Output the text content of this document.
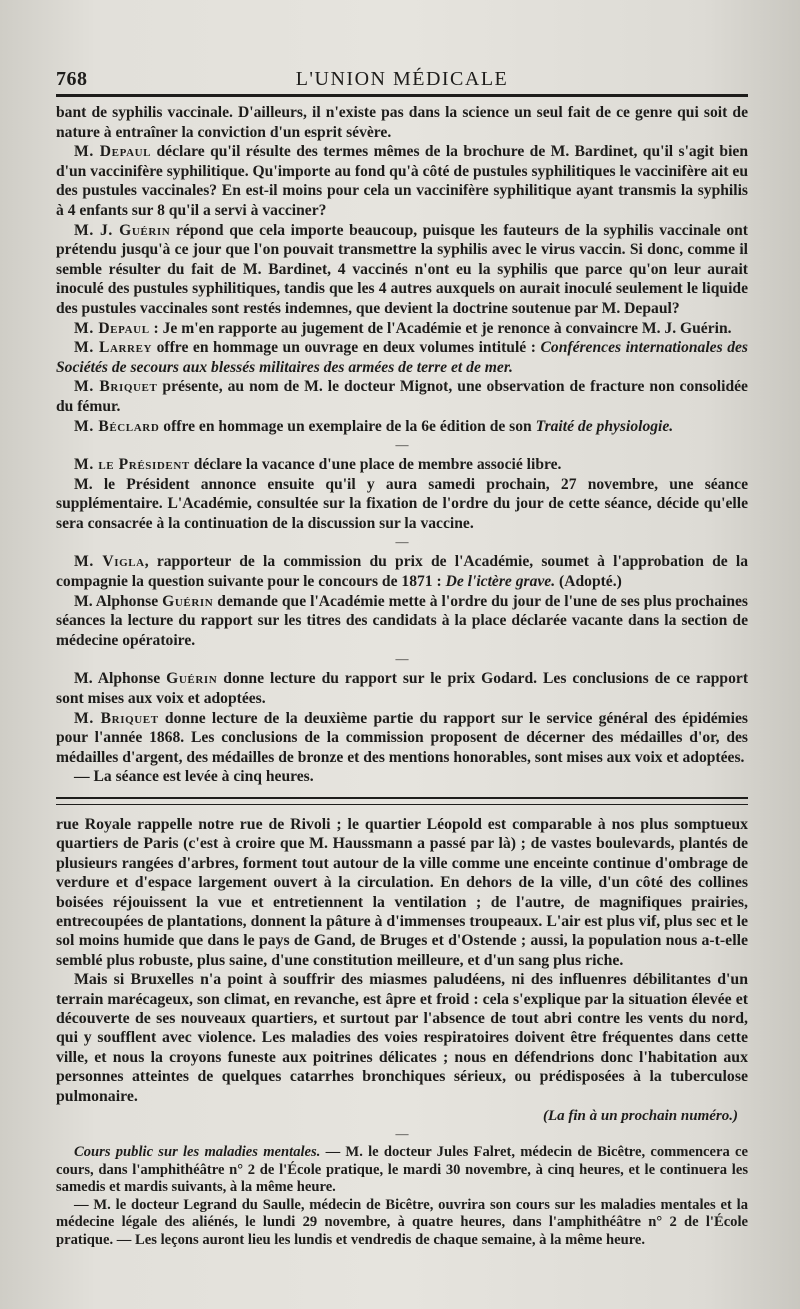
768	L'UNION MÉDICALE

bant de syphilis vaccinale. D'ailleurs, il n'existe pas dans la science un seul fait de ce genre qui soit de nature à entraîner la conviction d'un esprit sévère.

M. Depaul déclare qu'il résulte des termes mêmes de la brochure de M. Bardinet, qu'il s'agit bien d'un vaccinifère syphilitique. Qu'importe au fond qu'à côté de pustules syphilitiques le vaccinifère ait eu des pustules vaccinales? En est-il moins pour cela un vaccinifère syphilitique ayant transmis la syphilis à 4 enfants sur 8 qu'il a servi à vacciner?

M. J. Guérin répond que cela importe beaucoup, puisque les fauteurs de la syphilis vaccinale ont prétendu jusqu'à ce jour que l'on pouvait transmettre la syphilis avec le virus vaccin. Si donc, comme il semble résulter du fait de M. Bardinet, 4 vaccinés n'ont eu la syphilis que parce qu'on leur aurait inoculé des pustules syphilitiques, tandis que les 4 autres auxquels on aurait inoculé seulement le liquide des pustules vaccinales sont restés indemnes, que devient la doctrine soutenue par M. Depaul?

M. Depaul : Je m'en rapporte au jugement de l'Académie et je renonce à convaincre M. J. Guérin.

M. Larrey offre en hommage un ouvrage en deux volumes intitulé : Conférences internationales des Sociétés de secours aux blessés militaires des armées de terre et de mer.

M. Briquet présente, au nom de M. le docteur Mignot, une observation de fracture non consolidée du fémur.

M. Béclard offre en hommage un exemplaire de la 6e édition de son Traité de physiologie.

—

M. le Président déclare la vacance d'une place de membre associé libre.

M. le Président annonce ensuite qu'il y aura samedi prochain, 27 novembre, une séance supplémentaire. L'Académie, consultée sur la fixation de l'ordre du jour de cette séance, décide qu'elle sera consacrée à la continuation de la discussion sur la vaccine.

—

M. Vigla, rapporteur de la commission du prix de l'Académie, soumet à l'approbation de la compagnie la question suivante pour le concours de 1871 : De l'ictère grave. (Adopté.)

M. Alphonse Guérin demande que l'Académie mette à l'ordre du jour de l'une de ses plus prochaines séances la lecture du rapport sur les titres des candidats à la place déclarée vacante dans la section de médecine opératoire.

—

M. Alphonse Guérin donne lecture du rapport sur le prix Godard. Les conclusions de ce rapport sont mises aux voix et adoptées.

M. Briquet donne lecture de la deuxième partie du rapport sur le service général des épidémies pour l'année 1868. Les conclusions de la commission proposent de décerner des médailles d'or, des médailles d'argent, des médailles de bronze et des mentions honorables, sont mises aux voix et adoptées.

— La séance est levée à cinq heures.

rue Royale rappelle notre rue de Rivoli ; le quartier Léopold est comparable à nos plus somptueux quartiers de Paris (c'est à croire que M. Haussmann a passé par là) ; de vastes boulevards, plantés de plusieurs rangées d'arbres, forment tout autour de la ville comme une enceinte continue d'ombrage de verdure et d'espace largement ouvert à la circulation. En dehors de la ville, d'un côté des collines boisées réjouissent la vue et entretiennent la ventilation ; de l'autre, de magnifiques prairies, entrecoupées de plantations, donnent la pâture à d'immenses troupeaux. L'air est plus vif, plus sec et le sol moins humide que dans le pays de Gand, de Bruges et d'Ostende ; aussi, la population nous a-t-elle semblé plus robuste, plus saine, d'une constitution meilleure, et d'un sang plus riche.

Mais si Bruxelles n'a point à souffrir des miasmes paludéens, ni des influenres débilitantes d'un terrain marécageux, son climat, en revanche, est âpre et froid : cela s'explique par la situation élevée et découverte de ses nouveaux quartiers, et surtout par l'absence de tout abri contre les vents du nord, qui y soufflent avec violence. Les maladies des voies respiratoires doivent être fréquentes dans cette ville, et nous la croyons funeste aux poitrines délicates ; nous en défendrions donc l'habitation aux personnes atteintes de quelques catarrhes bronchiques sérieux, ou prédisposées à la tuberculose pulmonaire.

(La fin à un prochain numéro.)
—

Cours public sur les maladies mentales. — M. le docteur Jules Falret, médecin de Bicêtre, commencera ce cours, dans l'amphithéâtre n° 2 de l'École pratique, le mardi 30 novembre, à cinq heures, et le continuera les samedis et mardis suivants, à la même heure.

— M. le docteur Legrand du Saulle, médecin de Bicêtre, ouvrira son cours sur les maladies mentales et la médecine légale des aliénés, le lundi 29 novembre, à quatre heures, dans l'amphithéâtre n° 2 de l'École pratique. — Les leçons auront lieu les lundis et vendredis de chaque semaine, à la même heure.
